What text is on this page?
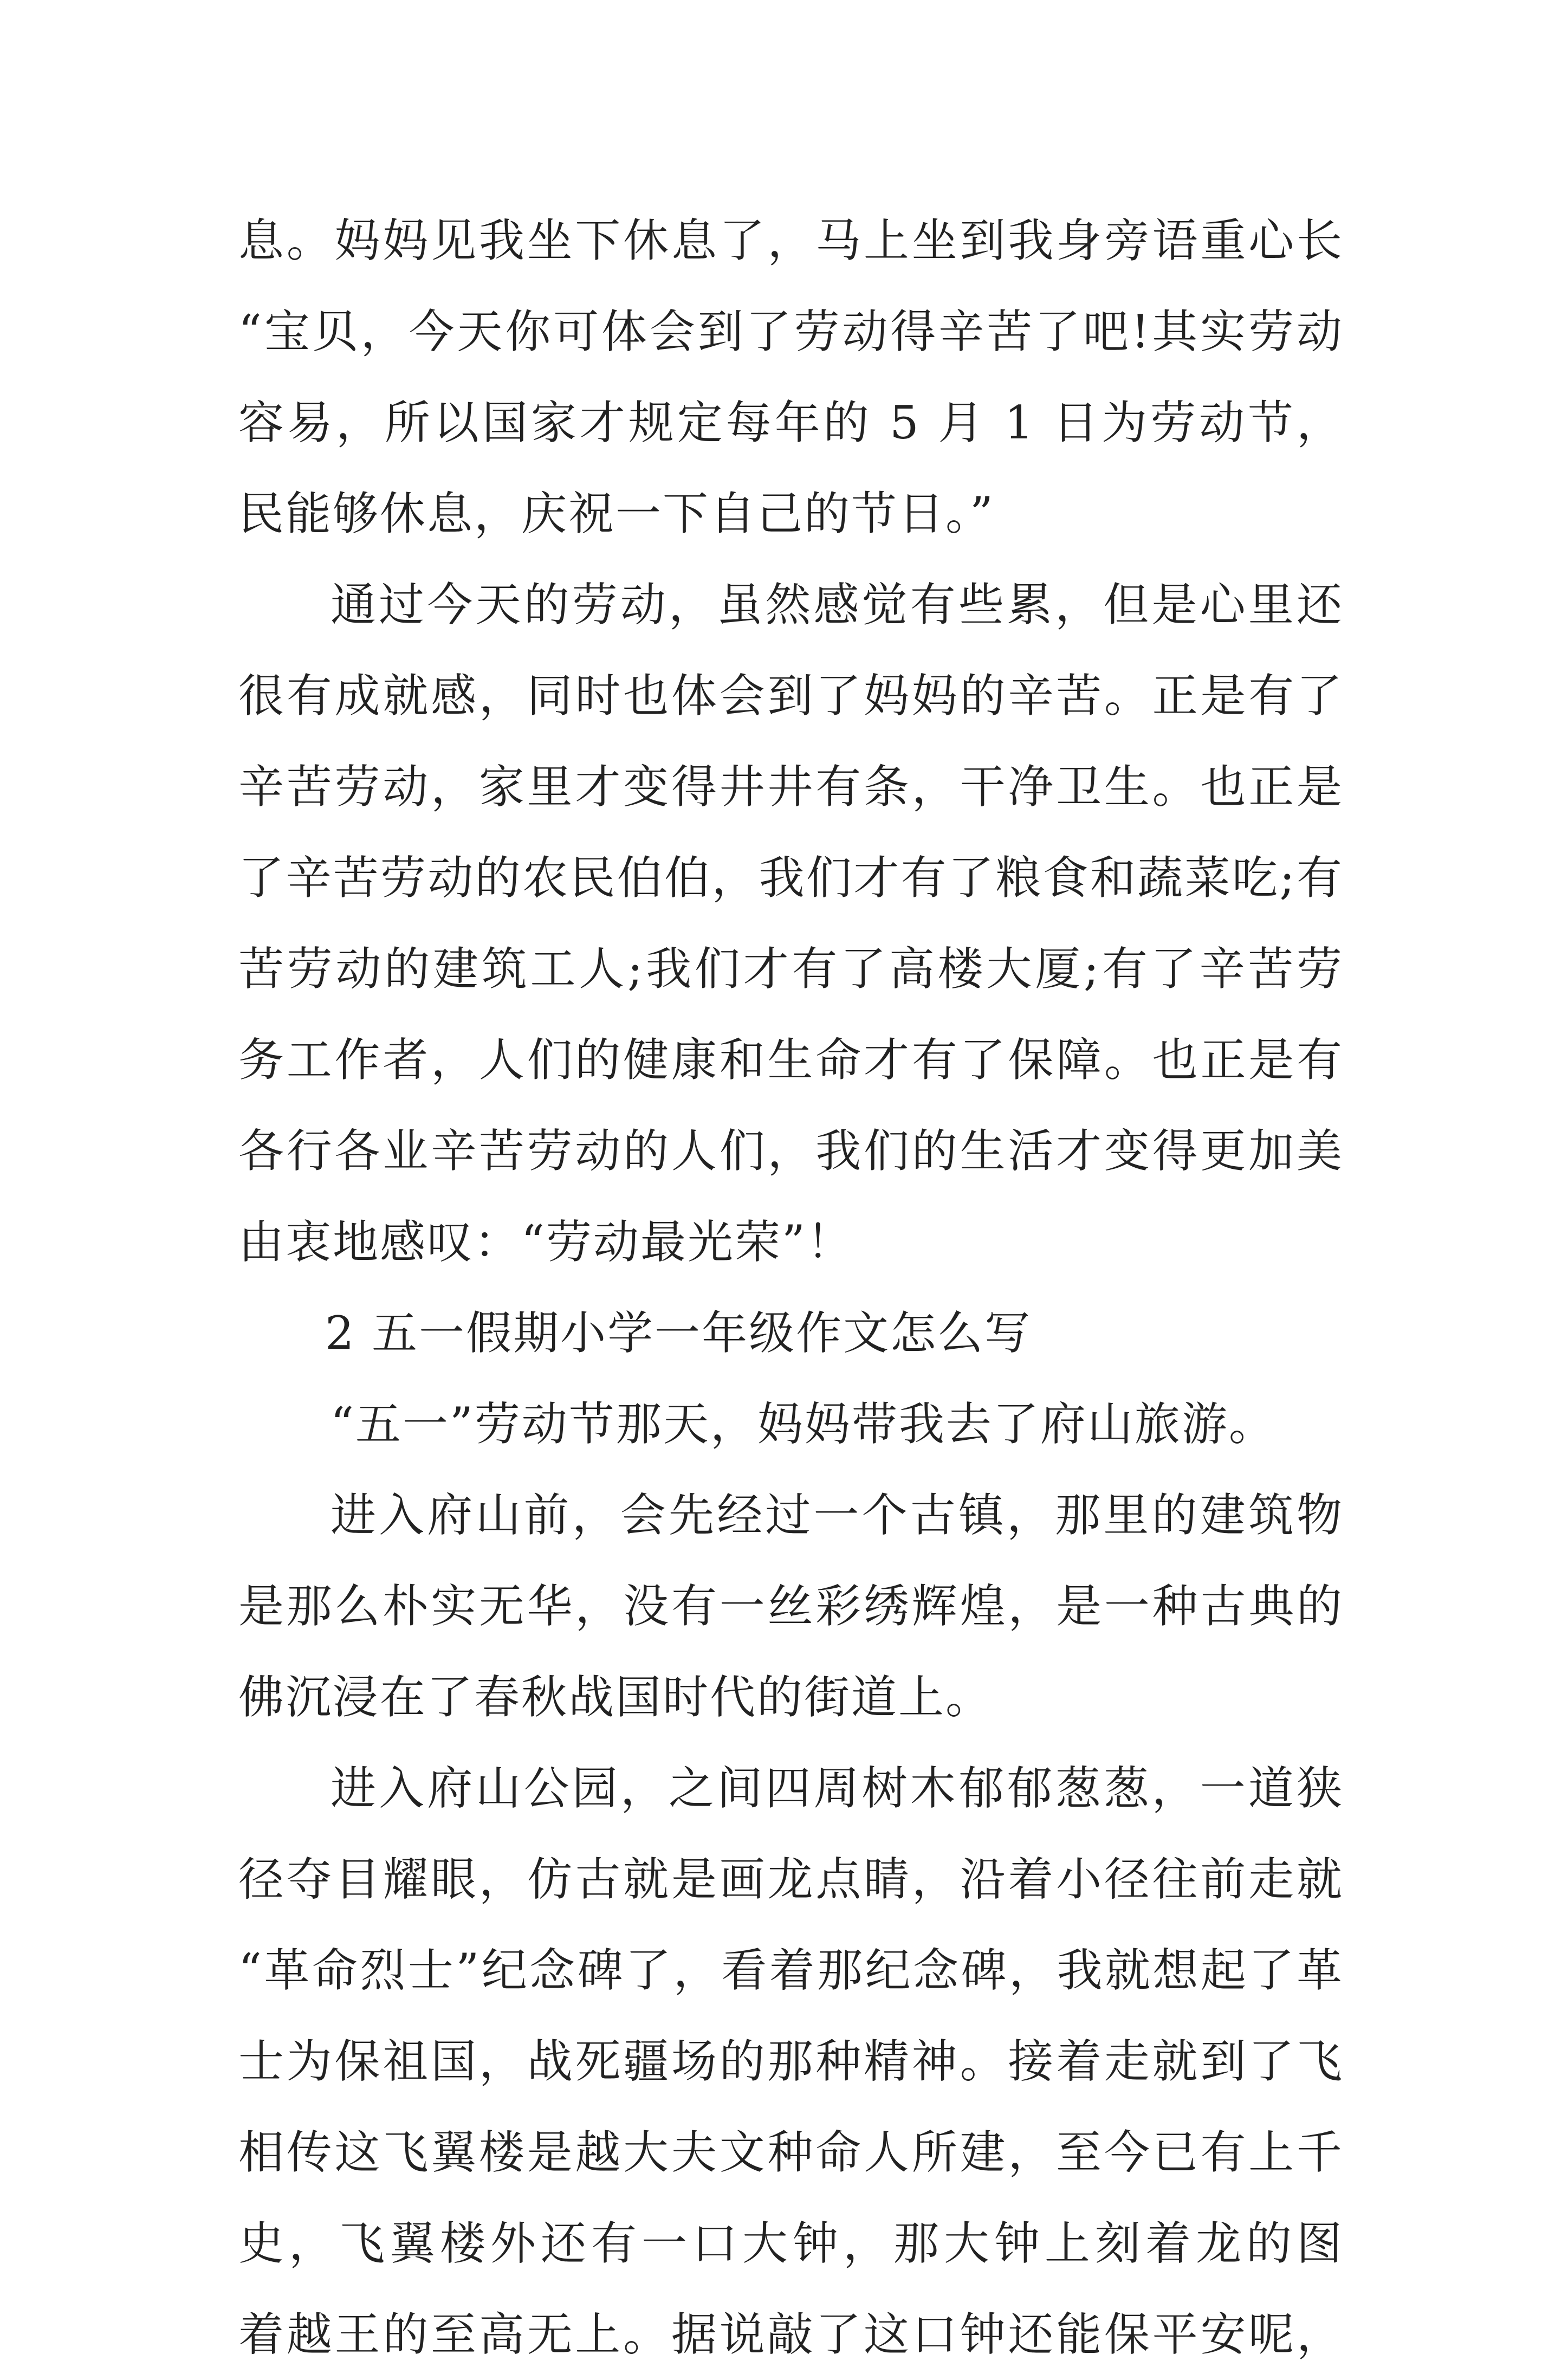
息。妈妈见我坐下休息了，马上坐到我身旁语重心长
“宝贝，今天你可体会到了劳动得辛苦了吧!其实劳动
容易，所以国家才规定每年的 5 月 1 日为劳动节，
民能够休息，庆祝一下自己的节日。”
通过今天的劳动，虽然感觉有些累，但是心里还
很有成就感，同时也体会到了妈妈的辛苦。正是有了
辛苦劳动，家里才变得井井有条，干净卫生。也正是
了辛苦劳动的农民伯伯，我们才有了粮食和蔬菜吃;有
苦劳动的建筑工人;我们才有了高楼大厦;有了辛苦劳
务工作者，人们的健康和生命才有了保障。也正是有
各行各业辛苦劳动的人们，我们的生活才变得更加美
由衷地感叹：“劳动最光荣”！
2 五一假期小学一年级作文怎么写
“五一”劳动节那天，妈妈带我去了府山旅游。
进入府山前，会先经过一个古镇，那里的建筑物
是那么朴实无华，没有一丝彩绣辉煌，是一种古典的
佛沉浸在了春秋战国时代的街道上。
进入府山公园，之间四周树木郁郁葱葱，一道狭
径夺目耀眼，仿古就是画龙点睛，沿着小径往前走就
“革命烈士”纪念碑了，看着那纪念碑，我就想起了革
士为保祖国，战死疆场的那种精神。接着走就到了飞
相传这飞翼楼是越大夫文种命人所建，至今已有上千
史，飞翼楼外还有一口大钟，那大钟上刻着龙的图
着越王的至高无上。据说敲了这口钟还能保平安呢，
